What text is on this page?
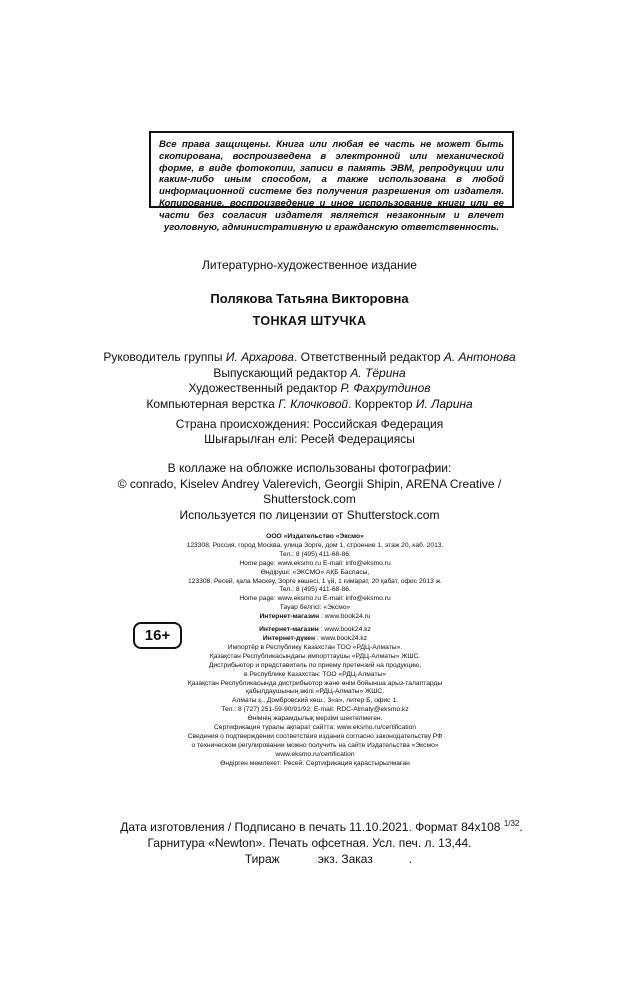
Все права защищены. Книга или любая ее часть не может быть скопирована, воспроизведена в электронной или механической форме, в виде фотокопии, записи в память ЭВМ, репродукции или каким-либо иным способом, а также использована в любой информационной системе без получения разрешения от издателя. Копирование, воспроизведение и иное использование книги или ее части без согласия издателя является незаконным и влечет уголовную, административную и гражданскую ответственность.
Литературно-художественное издание
Полякова Татьяна Викторовна
ТОНКАЯ ШТУЧКА
Руководитель группы И. Архарова. Ответственный редактор А. Антонова
Выпускающий редактор А. Тёрина
Художественный редактор Р. Фахрутдинов
Компьютерная верстка Г. Клочковой. Корректор И. Ларина
Страна происхождения: Российская Федерация
Шығарылған елі: Ресей Федерациясы
В коллаже на обложке использованы фотографии:
© conrado, Kiselev Andrey Valerevich, Georgii Shipin, ARENA Creative /
Shutterstock.com
Используется по лицензии от Shutterstock.com
ООО «Издательство «Эксмо»
123308, Россия, город Москва, улица Зорге, дом 1, строение 1, этаж 20, каб. 2013.
Тел.: 8 (495) 411-68-86.
Home page: www.eksmo.ru E-mail: info@eksmo.ru
Өндіруші: «ЭКСМО» АҚБ Баспасы,
123308, Ресей, қала Мәскеу, Зорге көшесі, 1 үй, 1 ғимарат, 20 қабат, офис 2013 ж.
Тел.: 8 (495) 411-68-86.
Home page: www.eksmo.ru E-mail: info@eksmo.ru
Тауар белгісі: «Эксмо»
Интернет-магазин : www.book24.ru
Интернет-магазин : www.book24.kz
Интернет-дүкен : www.book24.kz
Импортёр в Республику Казахстан ТОО «РДЦ-Алматы».
Қазақстан Республикасындағы импорттаушы «РДЦ-Алматы» ЖШС.
Дистрибьютор и представитель по приему претензий на продукцию,
в Республике Казахстан: ТОО «РДЦ-Алматы»
Қазақстан Республикасында дистрибьютор және өнім бойынша арыз-талаптарды
қабылдаушының өкілі «РДЦ-Алматы» ЖШС,
Алматы қ., Домбровский көш., 3«а», литер Б, офис 1.
Тел.: 8 (727) 251-59-90/91/92; E-mail: RDC-Almaty@eksmo.kz
Өнімнің жарамдылық мерзімі шектелмеген.
Сертификация туралы ақпарат сайтта: www.eksmo.ru/certification
Сведения о подтверждении соответствия издания согласно законодательству РФ
о техническом регулировании можно получить на сайте Издательства «Эксмо»
www.eksmo.ru/certification
Өндірген мемлекет: Ресей. Сертификация қарастырылмаған
16+
Дата изготовления / Подписано в печать 11.10.2021. Формат 84х108 $^{1/32}$.
Гарнитура «Newton». Печать офсетная. Усл. печ. л. 13,44.
Тираж	экз. Заказ	.
